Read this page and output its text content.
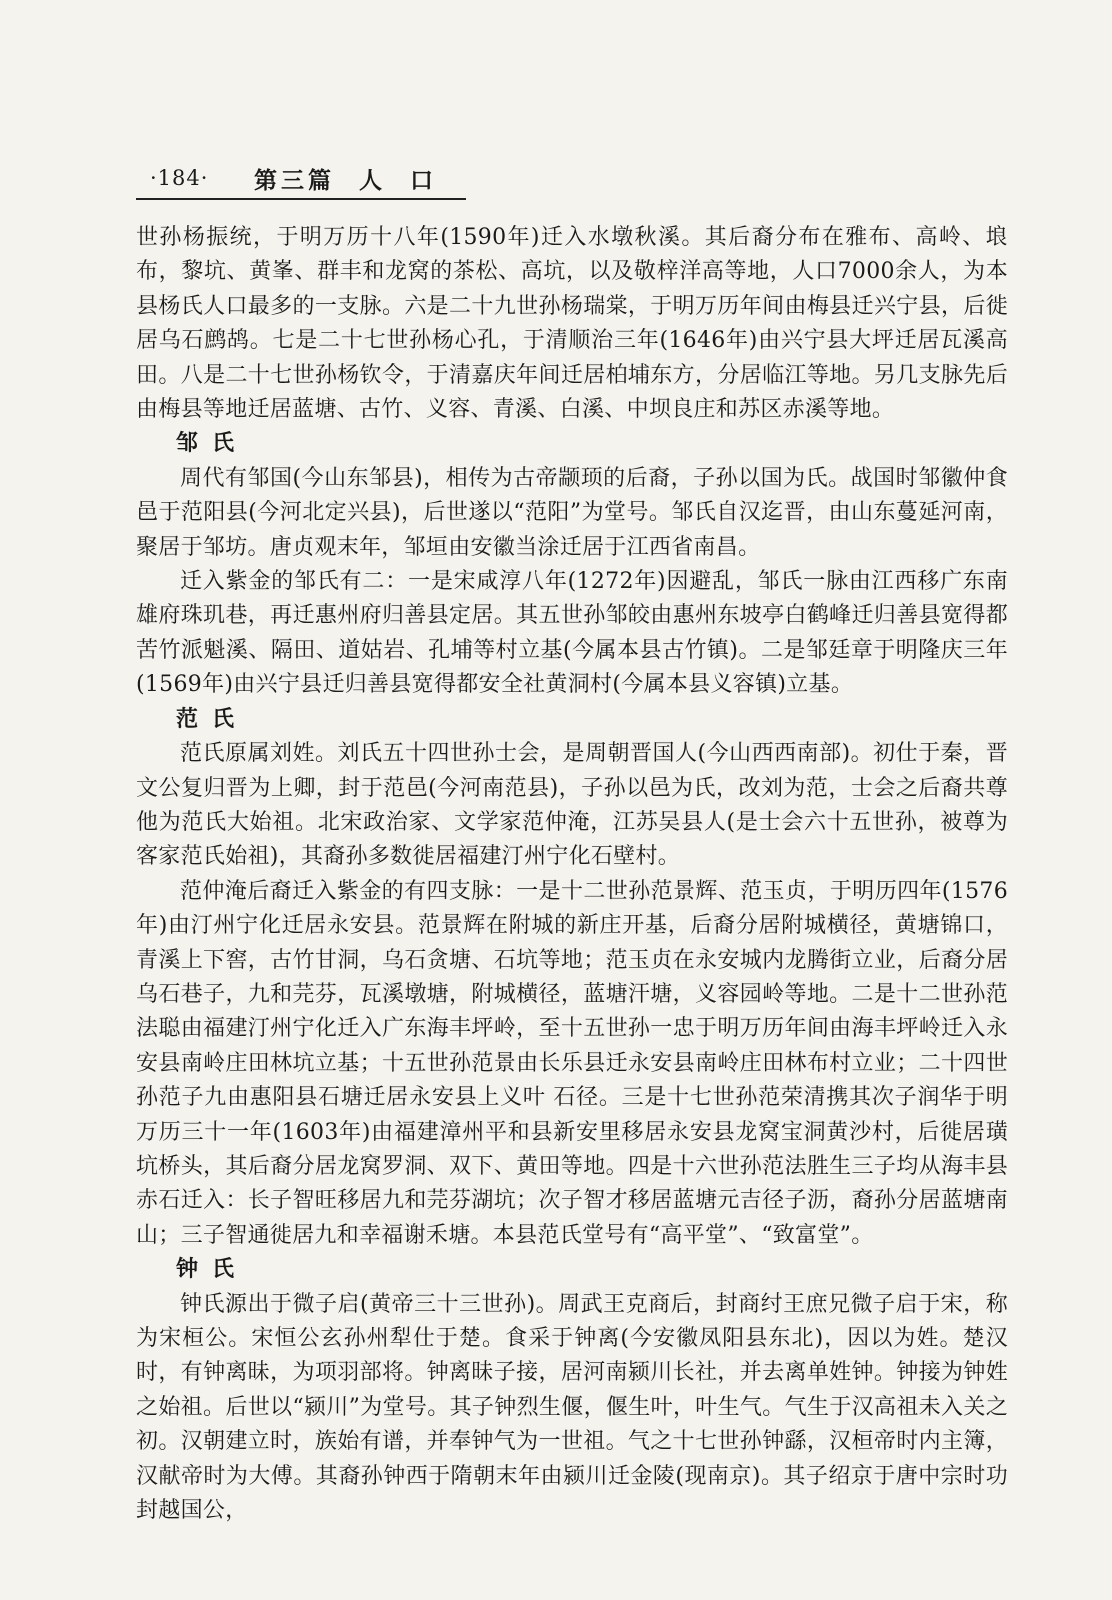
·184· 第三篇  人  口

世孙杨振统，于明万历十八年(1590年)迁入水墩秋溪。其后裔分布在雅布、高岭、埌布，黎坑、黄峯、群丰和龙窝的茶松、高坑，以及敬梓洋高等地，人口7000余人，为本县杨氏人口最多的一支脉。六是二十九世孙杨瑞棠，于明万历年间由梅县迁兴宁县，后徙居乌石鹧鸪。七是二十七世孙杨心孔，于清顺治三年(1646年)由兴宁县大坪迁居瓦溪高田。八是二十七世孙杨钦令，于清嘉庆年间迁居柏埔东方，分居临江等地。另几支脉先后由梅县等地迁居蓝塘、古竹、义容、青溪、白溪、中坝良庄和苏区赤溪等地。

邹氏

周代有邹国(今山东邹县)，相传为古帝颛顼的后裔，子孙以国为氏。战国时邹徽仲食邑于范阳县(今河北定兴县)，后世遂以“范阳”为堂号。邹氏自汉迄晋，由山东蔓延河南，聚居于邹坊。唐贞观末年，邹垣由安徽当涂迁居于江西省南昌。

迁入紫金的邹氏有二：一是宋咸淳八年(1272年)因避乱，邹氏一脉由江西移广东南雄府珠玑巷，再迁惠州府归善县定居。其五世孙邹皎由惠州东坡亭白鹤峰迁归善县宽得都苦竹派魁溪、隔田、道姑岩、孔埔等村立基(今属本县古竹镇)。二是邹廷章于明隆庆三年(1569年)由兴宁县迁归善县宽得都安全社黄洞村(今属本县义容镇)立基。

范氏

范氏原属刘姓。刘氏五十四世孙士会，是周朝晋国人(今山西西南部)。初仕于秦，晋文公复归晋为上卿，封于范邑(今河南范县)，子孙以邑为氏，改刘为范，士会之后裔共尊他为范氏大始祖。北宋政治家、文学家范仲淹，江苏吴县人(是士会六十五世孙，被尊为客家范氏始祖)，其裔孙多数徙居福建汀州宁化石壁村。

范仲淹后裔迁入紫金的有四支脉：一是十二世孙范景辉、范玉贞，于明历四年(1576年)由汀州宁化迁居永安县。范景辉在附城的新庄开基，后裔分居附城横径，黄塘锦口，青溪上下窖，古竹甘洞，乌石贪塘、石坑等地；范玉贞在永安城内龙腾街立业，后裔分居乌石巷子，九和芫芬，瓦溪墩塘，附城横径，蓝塘汗塘，义容园岭等地。二是十二世孙范法聪由福建汀州宁化迁入广东海丰坪岭，至十五世孙一忠于明万历年间由海丰坪岭迁入永安县南岭庄田林坑立基；十五世孙范景由长乐县迁永安县南岭庄田林布村立业；二十四世孙范子九由惠阳县石塘迁居永安县上义叶 石径。三是十七世孙范荣清携其次子润华于明万历三十一年(1603年)由福建漳州平和县新安里移居永安县龙窝宝洞黄沙村，后徙居璜坑桥头，其后裔分居龙窝罗洞、双下、黄田等地。四是十六世孙范法胜生三子均从海丰县赤石迁入：长子智旺移居九和芫芬湖坑；次子智才移居蓝塘元吉径子沥，裔孙分居蓝塘南山；三子智通徙居九和幸福谢禾塘。本县范氏堂号有“高平堂”、“致富堂”。

钟氏

钟氏源出于微子启(黄帝三十三世孙)。周武王克商后，封商纣王庶兄微子启于宋，称为宋桓公。宋恒公玄孙州犁仕于楚。食采于钟离(今安徽凤阳县东北)，因以为姓。楚汉时，有钟离昧，为项羽部将。钟离昧子接，居河南颍川长社，并去离单姓钟。钟接为钟姓之始祖。后世以“颍川”为堂号。其子钟烈生偃，偃生叶，叶生气。气生于汉高祖未入关之初。汉朝建立时，族始有谱，并奉钟气为一世祖。气之十七世孙钟繇，汉桓帝时内主簿，汉献帝时为大傅。其裔孙钟西于隋朝末年由颍川迁金陵(现南京)。其子绍京于唐中宗时功封越国公，
